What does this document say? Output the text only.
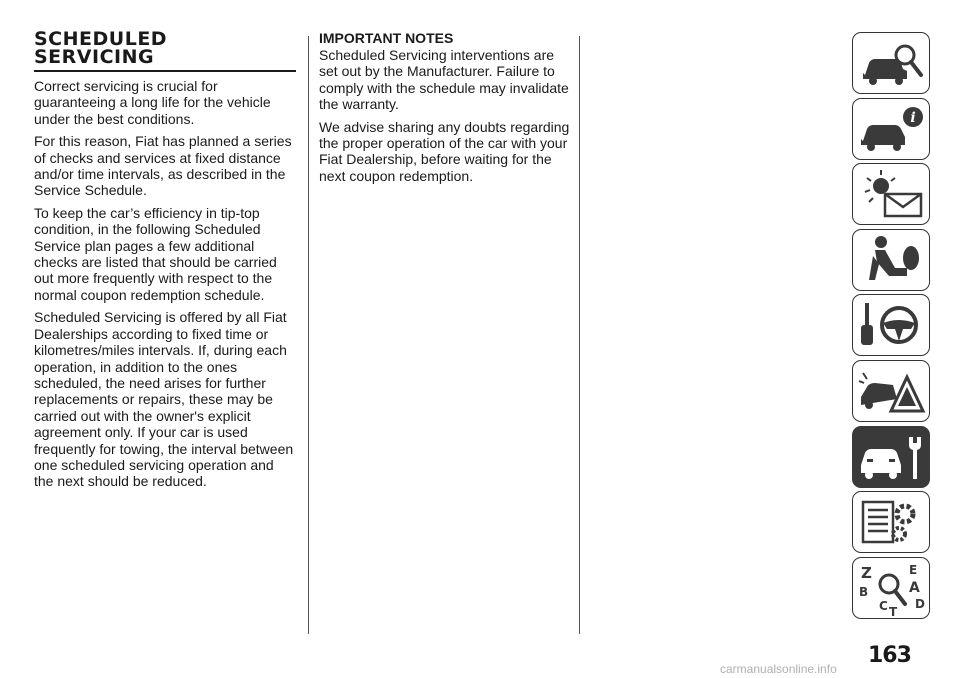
SCHEDULED
SERVICING

Correct servicing is crucial for guaranteeing a long life for the vehicle under the best conditions.

For this reason, Fiat has planned a series of checks and services at fixed distance and/or time intervals, as described in the Service Schedule.

To keep the car’s efficiency in tip-top condition, in the following Scheduled Service plan pages a few additional checks are listed that should be carried out more frequently with respect to the normal coupon redemption schedule.

Scheduled Servicing is offered by all Fiat Dealerships according to fixed time or kilometres/miles intervals. If, during each operation, in addition to the ones scheduled, the need arises for further replacements or repairs, these may be carried out with the owner's explicit agreement only. If your car is used frequently for towing, the interval between one scheduled servicing operation and the next should be reduced.

IMPORTANT NOTES

Scheduled Servicing interventions are set out by the Manufacturer. Failure to comply with the schedule may invalidate the warranty.

We advise sharing any doubts regarding the proper operation of the car with your Fiat Dealership, before waiting for the next coupon redemption.

i
Z	E
A
B
C D
T
163
carmanualsonline.info
